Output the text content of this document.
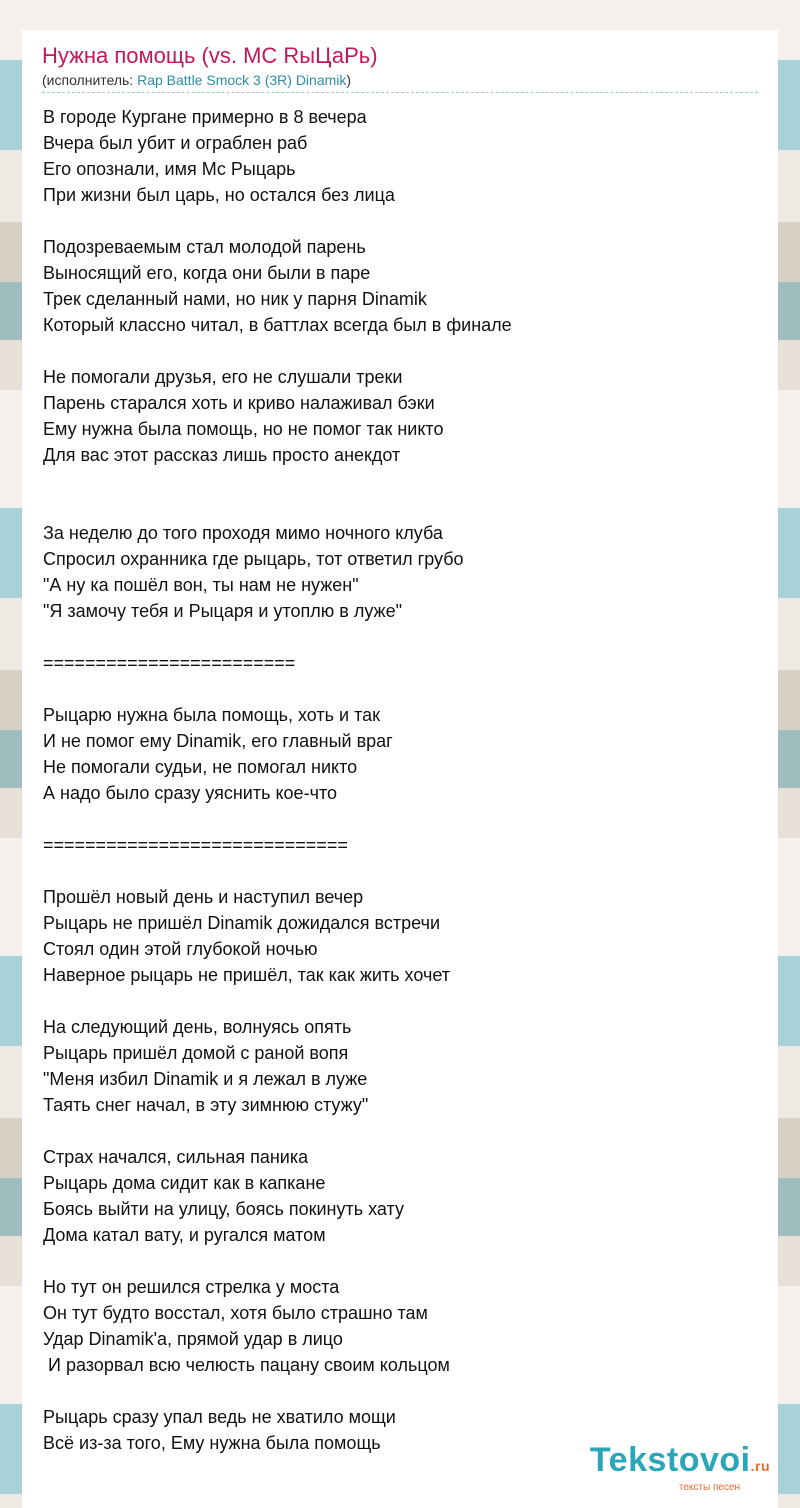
Нужна помощь (vs. MC RыЦаРь)
(исполнитель: Rap Battle Smock 3 (3R) Dinamik)
В городе Кургане примерно в 8 вечера
Вчера был убит и ограблен раб
Его опознали, имя Мс Рыцарь
При жизни был царь, но остался без лица
Подозреваемым стал молодой парень
Выносящий его, когда они были в паре
Трек сделанный нами, но ник у парня Dinamik
Который классно читал, в баттлах всегда был в финале
Не помогали друзья, его не слушали треки
Парень старался хоть и криво налаживал бэки
Ему нужна была помощь, но не помог так никто
Для вас этот рассказ лишь просто анекдот
За неделю до того проходя мимо ночного клуба
Спросил охранника где рыцарь, тот ответил грубо
"А ну ка пошёл вон, ты нам не нужен"
"Я замочу тебя и Рыцаря и утоплю в луже"
========================
Рыцарю нужна была помощь, хоть и так
И не помог ему Dinamik, его главный враг
Не помогали судьи, не помогал никто
А надо было сразу уяснить кое-что
=============================
Прошёл новый день и наступил вечер
Рыцарь не пришёл Dinamik дожидался встречи
Стоял один этой глубокой ночью
Наверное рыцарь не пришёл, так как жить хочет
На следующий день, волнуясь опять
Рыцарь пришёл домой с раной вопя
"Меня избил Dinamik и я лежал в луже
Таять снег начал, в эту зимнюю стужу"
Страх начался, сильная паника
Рыцарь дома сидит как в капкане
Боясь выйти на улицу, боясь покинуть хату
Дома катал вату, и ругался матом
Но тут он решился стрелка у моста
Он тут будто восстал, хотя было страшно там
Удар Dinamik'а, прямой удар в лицо
И разорвал всю челюсть пацану своим кольцом
Рыцарь сразу упал ведь не хватило мощи
Всё из-за того, Ему нужна была помощь	Tekstovoi.ru
тексты песен
